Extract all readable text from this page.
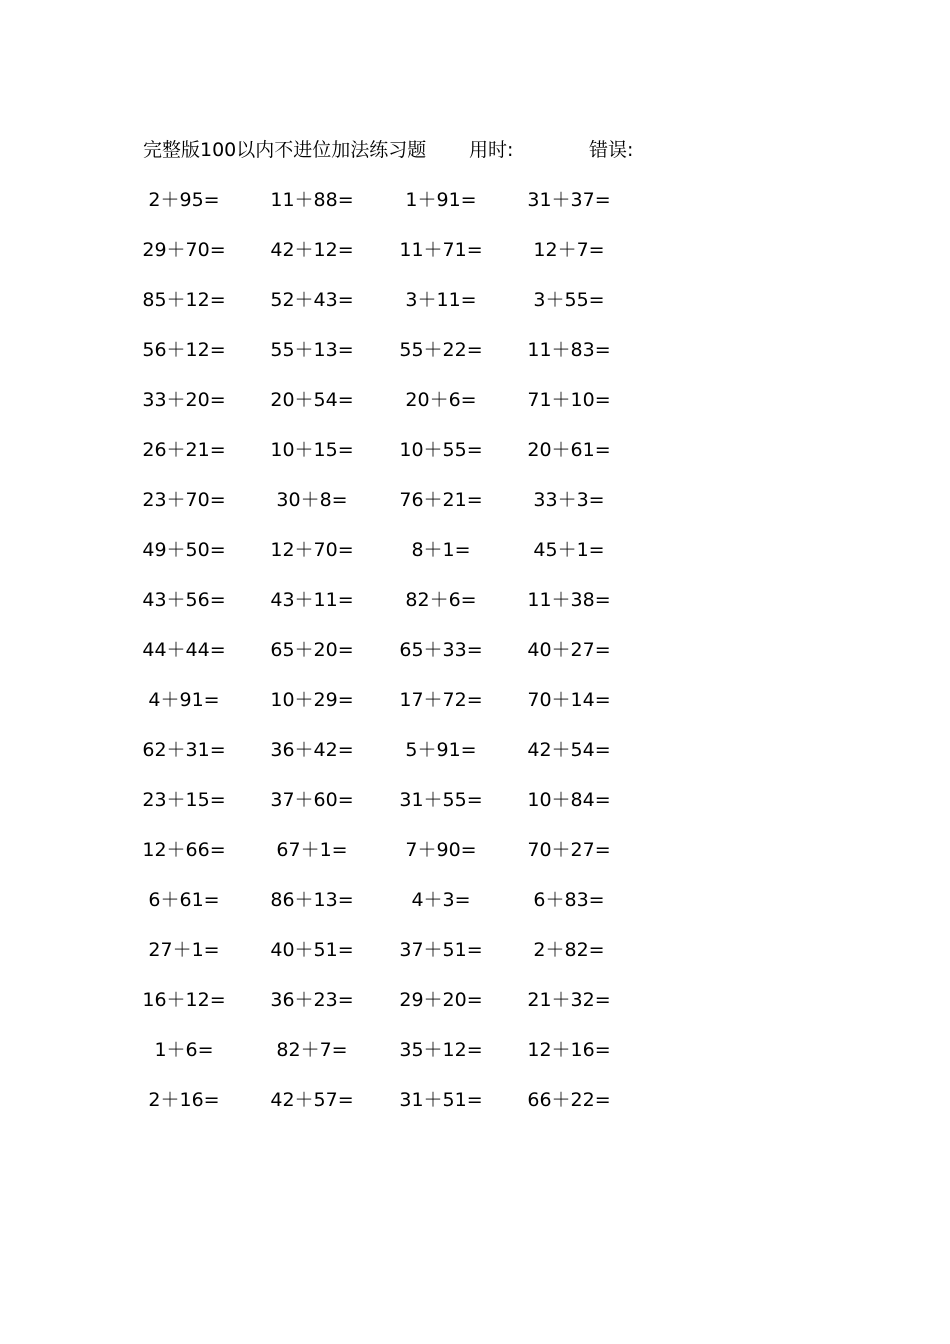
完整版100以内不进位加法练习题 用时:	错误:
2＋95=	11＋88=	1＋91=	31＋37=
29＋70= 42＋12= 11＋71=	12＋7=
85＋12= 52＋43=	3＋11=	3＋55=
56＋12= 55＋13= 55＋22= 11＋83=
33＋20= 20＋54=	20＋6=	71＋10=
26＋21= 10＋15= 10＋55= 20＋61=
23＋70=	30＋8=	76＋21=	33＋3=
49＋50= 12＋70=	8＋1=	45＋1=
43＋56= 43＋11=	82＋6=	11＋38=
44＋44= 65＋20= 65＋33= 40＋27=
4＋91=	10＋29= 17＋72= 70＋14=
62＋31= 36＋42=	5＋91=	42＋54=
23＋15= 37＋60= 31＋55= 10＋84=
12＋66=	67＋1=	7＋90=	70＋27=
6＋61=	86＋13=	4＋3=	6＋83=
27＋1=	40＋51= 37＋51=	2＋82=
16＋12= 36＋23= 29＋20= 21＋32=
1＋6=	82＋7=	35＋12= 12＋16=
2＋16=	42＋57= 31＋51= 66＋22=
